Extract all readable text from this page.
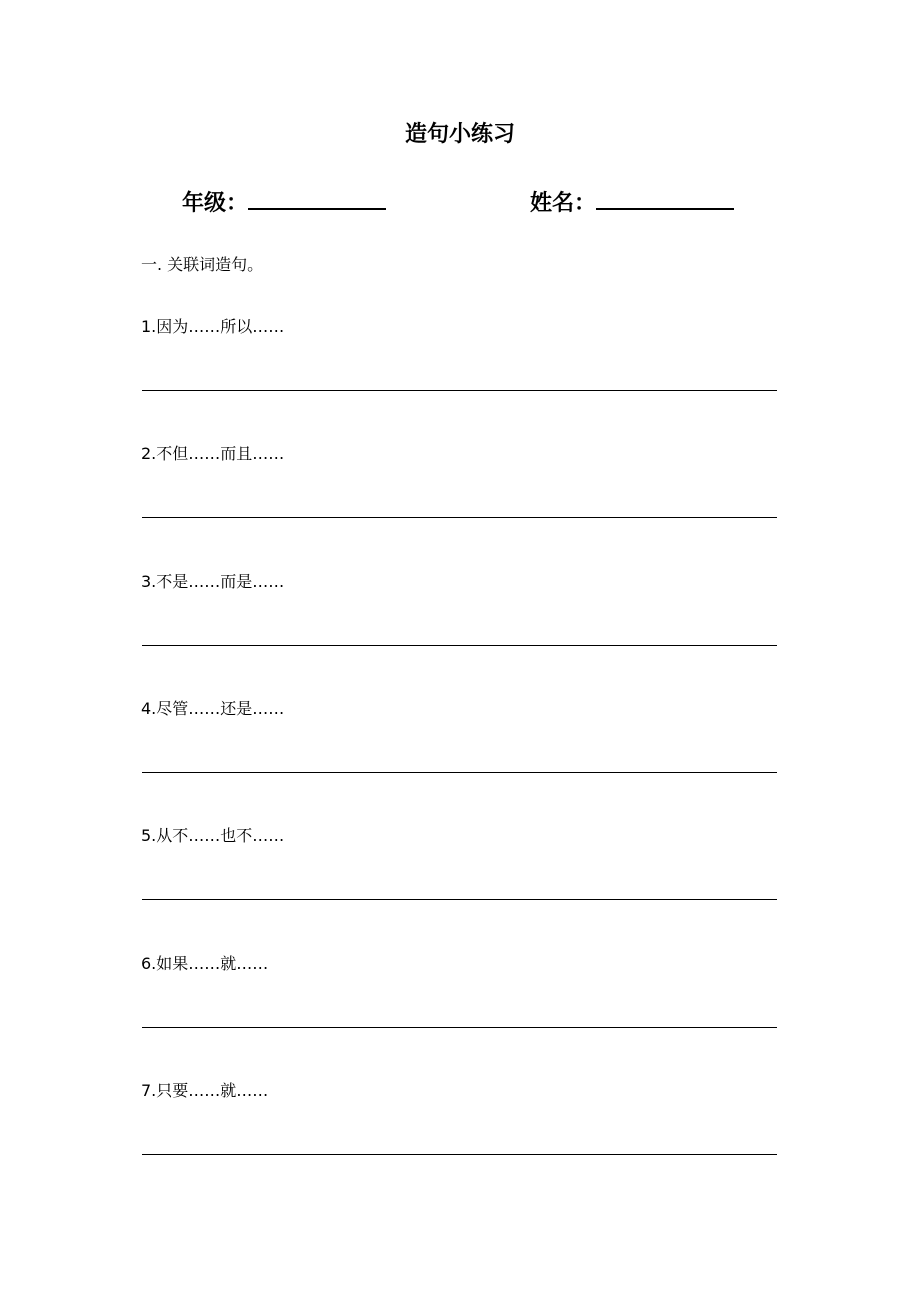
造句小练习
年级：	姓名：
一. 关联词造句。
1.因为……所以……
2.不但……而且……
3.不是……而是……
4.尽管……还是……
5.从不……也不……
6.如果……就……
7.只要……就……
